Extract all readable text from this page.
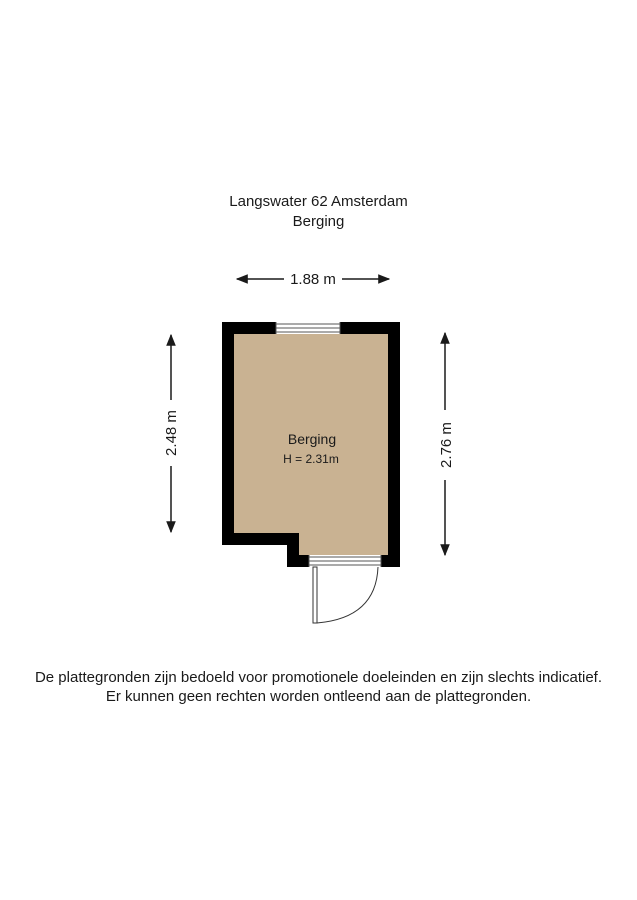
Langswater 62 Amsterdam
Berging
1.88 m
2.48 m	2.76 m
Berging
H = 2.31m
De plattegronden zijn bedoeld voor promotionele doeleinden en zijn slechts indicatief.
Er kunnen geen rechten worden ontleend aan de plattegronden.
